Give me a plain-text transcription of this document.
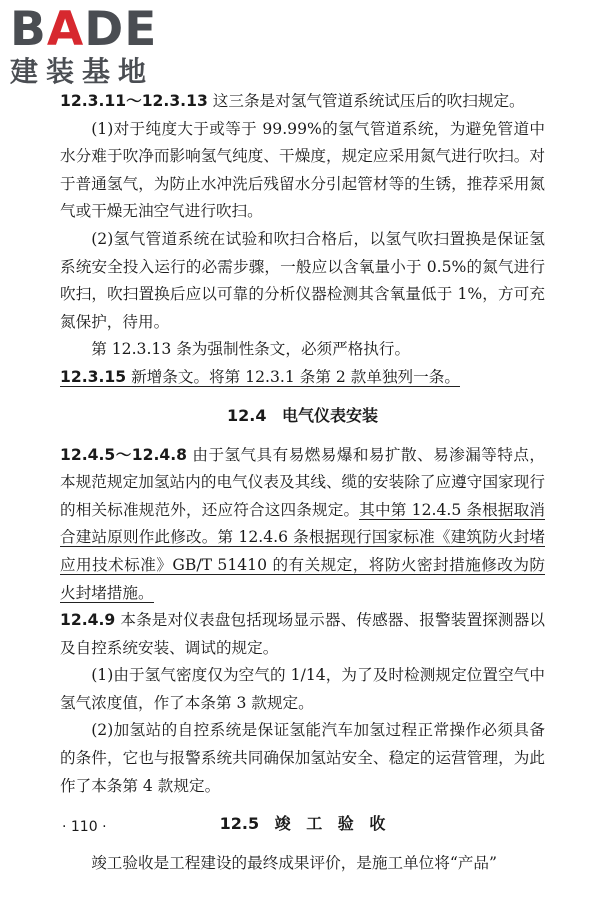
BADE
建装基地

12.3.11～12.3.13 这三条是对氢气管道系统试压后的吹扫规定。

(1)对于纯度大于或等于 99.99%的氢气管道系统，为避免管道中水分难于吹净而影响氢气纯度、干燥度，规定应采用氮气进行吹扫。对于普通氢气，为防止水冲洗后残留水分引起管材等的生锈，推荐采用氮气或干燥无油空气进行吹扫。

(2)氢气管道系统在试验和吹扫合格后，以氢气吹扫置换是保证氢系统安全投入运行的必需步骤，一般应以含氧量小于 0.5%的氮气进行吹扫，吹扫置换后应以可靠的分析仪器检测其含氧量低于 1%，方可充氮保护，待用。

第 12.3.13 条为强制性条文，必须严格执行。

12.3.15 新增条文。将第 12.3.1 条第 2 款单独列一条。

12.4 电气仪表安装

12.4.5～12.4.8 由于氢气具有易燃易爆和易扩散、易渗漏等特点，本规范规定加氢站内的电气仪表及其线、缆的安装除了应遵守国家现行的相关标准规范外，还应符合这四条规定。其中第 12.4.5 条根据取消合建站原则作此修改。第 12.4.6 条根据现行国家标准《建筑防火封堵应用技术标准》GB/T 51410 的有关规定，将防火密封措施修改为防火封堵措施。

12.4.9 本条是对仪表盘包括现场显示器、传感器、报警装置探测器以及自控系统安装、调试的规定。

(1)由于氢气密度仅为空气的 1/14，为了及时检测规定位置空气中氢气浓度值，作了本条第 3 款规定。

(2)加氢站的自控系统是保证氢能汽车加氢过程正常操作必须具备的条件，它也与报警系统共同确保加氢站安全、稳定的运营管理，为此作了本条第 4 款规定。

12.5 竣 工 验 收

竣工验收是工程建设的最终成果评价，是施工单位将“产品”

· 110 ·
